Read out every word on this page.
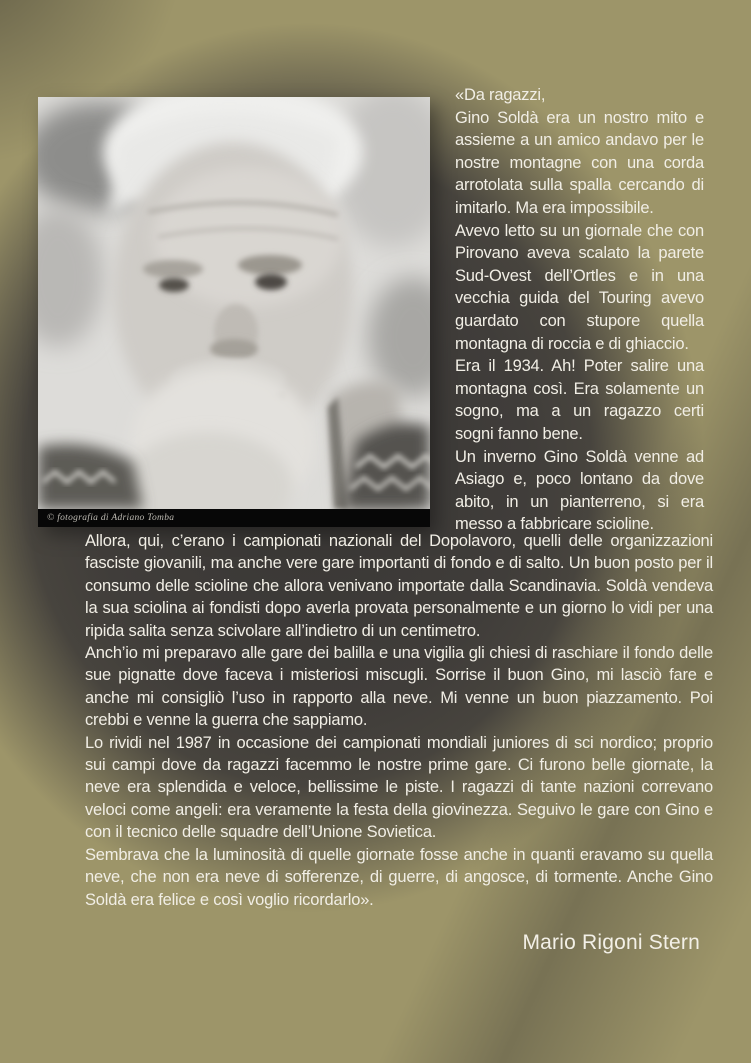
© fotografia di Adriano Tomba

«Da ragazzi,

Gino Soldà era un nostro mito e assieme a un amico andavo per le nostre montagne con una corda arrotolata sulla spalla cercando di imitarlo. Ma era impossibile.

Avevo letto su un giornale che con Pirovano aveva scalato la parete Sud-Ovest dell’Ortles e in una vecchia guida del Touring avevo guardato con stupore quella montagna di roccia e di ghiaccio.

Era il 1934. Ah! Poter salire una montagna così. Era solamente un sogno, ma a un ragazzo certi sogni fanno bene.

Un inverno Gino Soldà venne ad Asiago e, poco lontano da dove abito, in un pianterreno, si era messo a fabbricare scioline.

Allora, qui, c’erano i campionati nazionali del Dopolavoro, quelli delle organizzazioni fasciste giovanili, ma anche vere gare importanti di fondo e di salto. Un buon posto per il consumo delle scioline che allora venivano importate dalla Scandinavia. Soldà vendeva la sua sciolina ai fondisti dopo averla provata personalmente e un giorno lo vidi per una ripida salita senza scivolare all’indietro di un centimetro.

Anch’io mi preparavo alle gare dei balilla e una vigilia gli chiesi di raschiare il fondo delle sue pignatte dove faceva i misteriosi miscugli. Sorrise il buon Gino, mi lasciò fare e anche mi consigliò l’uso in rapporto alla neve. Mi venne un buon piazzamento. Poi crebbi e venne la guerra che sappiamo.

Lo rividi nel 1987 in occasione dei campionati mondiali juniores di sci nordico; proprio sui campi dove da ragazzi facemmo le nostre prime gare. Ci furono belle giornate, la neve era splendida e veloce, bellissime le piste. I ragazzi di tante nazioni correvano veloci come angeli: era veramente la festa della giovinezza. Seguivo le gare con Gino e con il tecnico delle squadre dell’Unione Sovietica.

Sembrava che la luminosità di quelle giornate fosse anche in quanti eravamo su quella neve, che non era neve di sofferenze, di guerre, di angosce, di tormente. Anche Gino Soldà era felice e così voglio ricordarlo».

Mario Rigoni Stern
